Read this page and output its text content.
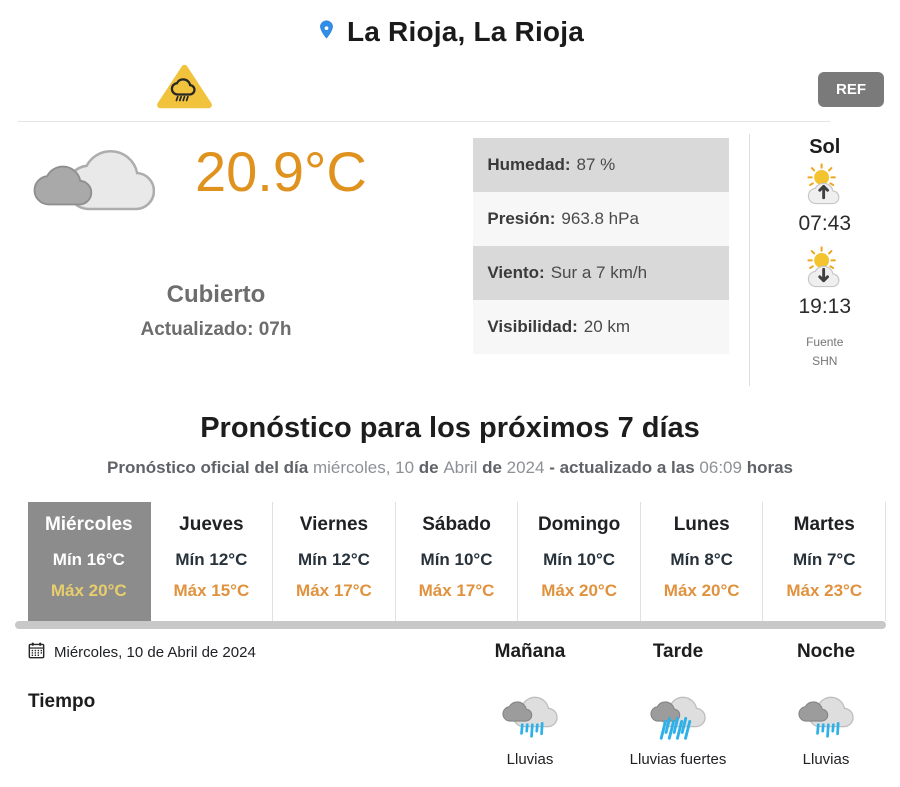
La Rioja, La Rioja
REF
20.9°C
Cubierto
Actualizado: 07h
Humedad: 87 %
Presión: 963.8 hPa
Viento: Sur a 7 km/h
Visibilidad: 20 km
Sol
07:43
19:13
Fuente
SHN
Pronóstico para los próximos 7 días

Pronóstico oficial del día miércoles, 10 de Abril de 2024 - actualizado a las 06:09 horas

Miércoles
Mín 16°C
Máx 20°C
Jueves
Mín 12°C
Máx 15°C
Viernes
Mín 12°C
Máx 17°C
Sábado
Mín 10°C
Máx 17°C
Domingo
Mín 10°C
Máx 20°C
Lunes
Mín 8°C
Máx 20°C
Martes
Mín 7°C
Máx 23°C
Miércoles, 10 de Abril de 2024	Mañana	Tarde	Noche
Tiempo
Lluvias	Lluvias fuertes	Lluvias
